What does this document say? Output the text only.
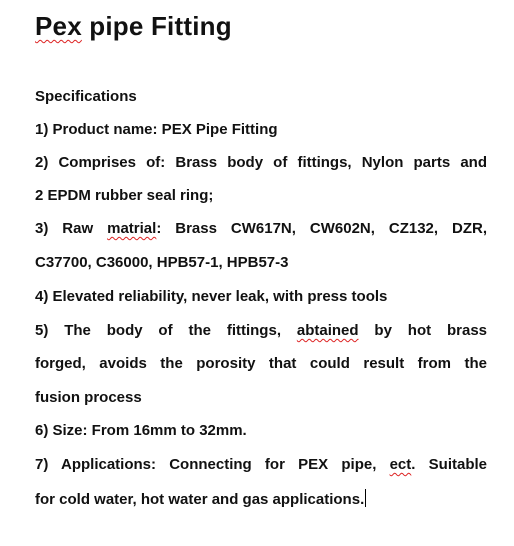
Pex pipe Fitting
Specifications
1) Product name: PEX Pipe Fitting
2) Comprises of: Brass body of fittings, Nylon parts and
2 EPDM rubber seal ring;
3) Raw matrial: Brass CW617N, CW602N, CZ132, DZR,
C37700, C36000, HPB57-1, HPB57-3
4) Elevated reliability, never leak, with press tools
5) The body of the fittings, abtained by hot brass
forged, avoids the porosity that could result from the
fusion process
6) Size: From 16mm to 32mm.
7) Applications: Connecting for PEX pipe, ect. Suitable
for cold water, hot water and gas applications.
